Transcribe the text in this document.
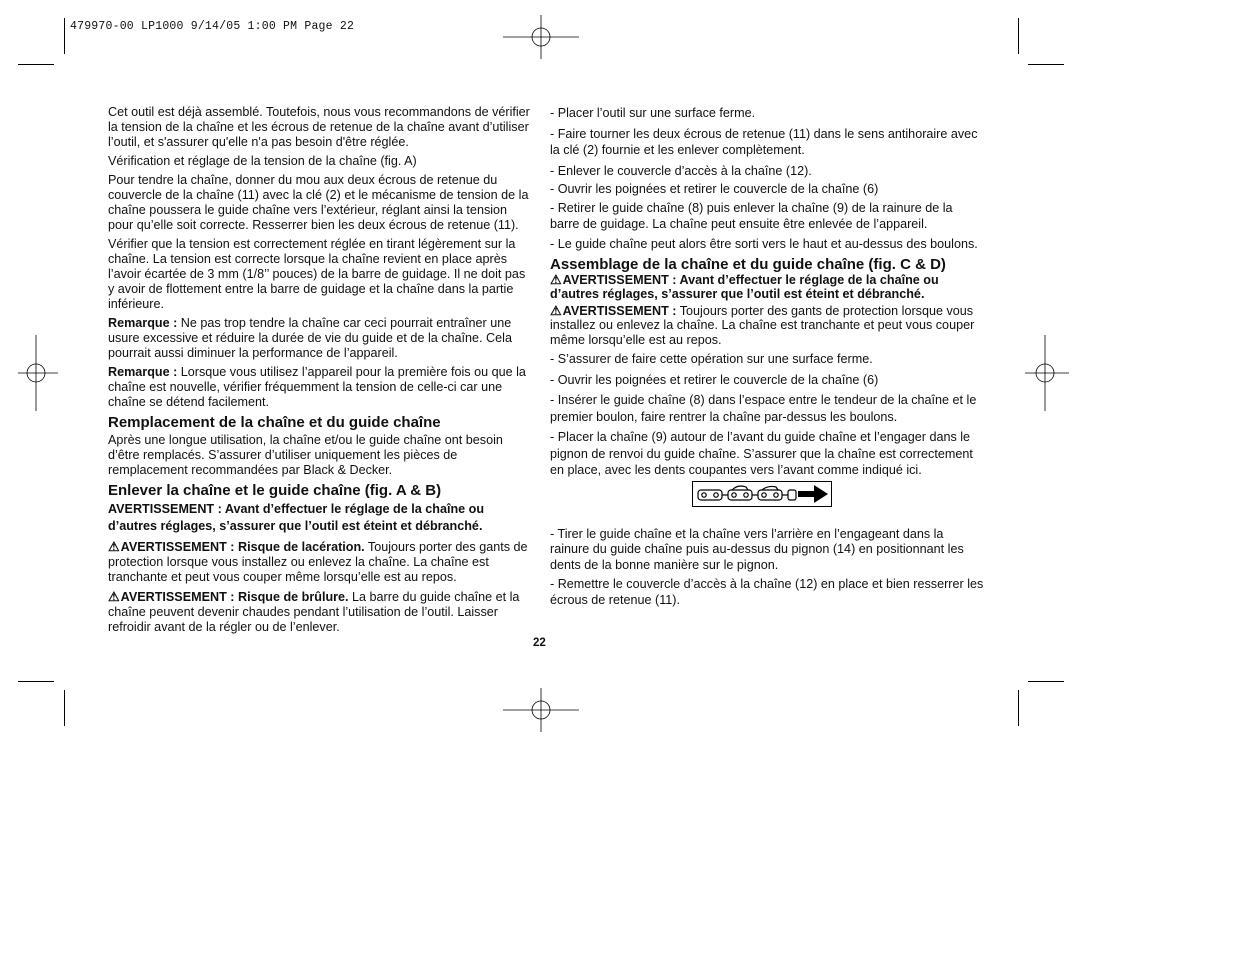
479970-00 LP1000 9/14/05 1:00 PM Page 22

Cet outil est déjà assemblé. Toutefois, nous vous recommandons de vérifier la tension de la chaîne et les écrous de retenue de la chaîne avant d’utiliser l’outil, et s'assurer qu'elle n'a pas besoin d'être réglée.

Vérification et réglage de la tension de la chaîne (fig. A)

Pour tendre la chaîne, donner du mou aux deux écrous de retenue du couvercle de la chaîne (11) avec la clé (2) et le mécanisme de tension de la chaîne poussera le guide chaîne vers l’extérieur, réglant ainsi la tension pour qu’elle soit correcte. Resserrer bien les deux écrous de retenue (11).

Vérifier que la tension est correctement réglée en tirant légèrement sur la chaîne. La tension est correcte lorsque la chaîne revient en place après l’avoir écartée de 3 mm (1/8’’ pouces) de la barre de guidage. Il ne doit pas y avoir de flottement entre la barre de guidage et la chaîne dans la partie inférieure.

Remarque : Ne pas trop tendre la chaîne car ceci pourrait entraîner une usure excessive et réduire la durée de vie du guide et de la chaîne. Cela pourrait aussi diminuer la performance de l’appareil.

Remarque : Lorsque vous utilisez l’appareil pour la première fois ou que la chaîne est nouvelle, vérifier fréquemment la tension de celle-ci car une chaîne se détend facilement.

Remplacement de la chaîne et du guide chaîne

Après une longue utilisation, la chaîne et/ou le guide chaîne ont besoin d’être remplacés. S’assurer d’utiliser uniquement les pièces de remplacement recommandées par Black & Decker.

Enlever la chaîne et le guide chaîne (fig. A & B)

AVERTISSEMENT : Avant d’effectuer le réglage de la chaîne ou d’autres réglages, s’assurer que l’outil est éteint et débranché.

⚠AVERTISSEMENT : Risque de lacération. Toujours porter des gants de protection lorsque vous installez ou enlevez la chaîne. La chaîne est tranchante et peut vous couper même lorsqu’elle est au repos.

⚠AVERTISSEMENT : Risque de brûlure. La barre du guide chaîne et la chaîne peuvent devenir chaudes pendant l’utilisation de l’outil. Laisser refroidir avant de la régler ou de l’enlever.

- Placer l’outil sur une surface ferme.

- Faire tourner les deux écrous de retenue (11) dans le sens antihoraire avec la clé (2) fournie et les enlever complètement.

- Enlever le couvercle d’accès à la chaîne (12).

- Ouvrir les poignées et retirer le couvercle de la chaîne (6)

- Retirer le guide chaîne (8) puis enlever la chaîne (9) de la rainure de la barre de guidage. La chaîne peut ensuite être enlevée de l’appareil.

- Le guide chaîne peut alors être sorti vers le haut et au-dessus des boulons.

Assemblage de la chaîne et du guide chaîne (fig. C & D)

⚠AVERTISSEMENT : Avant d’effectuer le réglage de la chaîne ou d’autres réglages, s’assurer que l’outil est éteint et débranché.

⚠AVERTISSEMENT : Toujours porter des gants de protection lorsque vous installez ou enlevez la chaîne. La chaîne est tranchante et peut vous couper même lorsqu’elle est au repos.

- S’assurer de faire cette opération sur une surface ferme.

- Ouvrir les poignées et retirer le couvercle de la chaîne (6)

- Insérer le guide chaîne (8) dans l’espace entre le tendeur de la chaîne et le premier boulon, faire rentrer la chaîne par-dessus les boulons.

- Placer la chaîne (9) autour de l’avant du guide chaîne et l’engager dans le pignon de renvoi du guide chaîne. S’assurer que la chaîne est correctement en place, avec les dents coupantes vers l’avant comme indiqué ici.

- Tirer le guide chaîne et la chaîne vers l’arrière en l’engageant dans la rainure du guide chaîne puis au-dessus du pignon (14) en positionnant les dents de la bonne manière sur le pignon.

- Remettre le couvercle d’accès à la chaîne (12) en place et bien resserrer les écrous de retenue (11).

22
